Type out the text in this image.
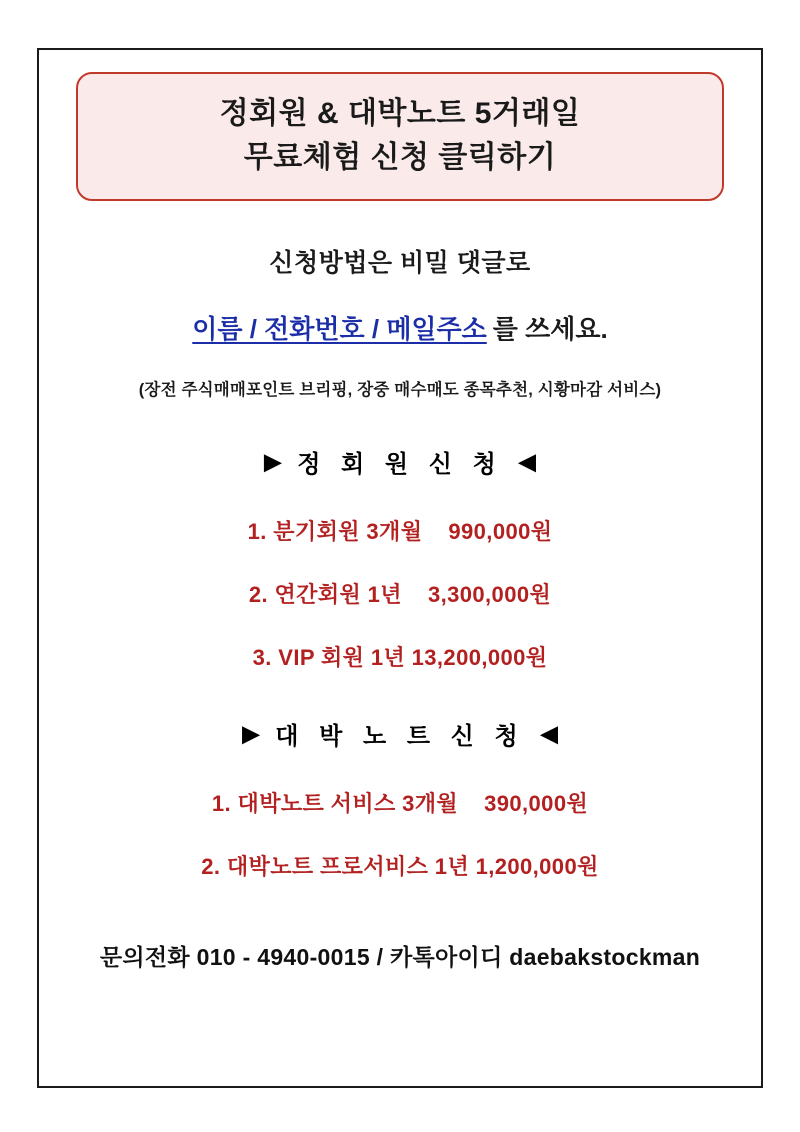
정회원 & 대박노트 5거래일
무료체험 신청 클릭하기
신청방법은 비밀 댓글로
이름 / 전화번호 / 메일주소 를 쓰세요.
(장전 주식매매포인트 브리핑, 장중 매수매도 종목추천, 시황마감 서비스)
▶ 정 회 원 신 청 ◀
1. 분기회원 3개월    990,000원
2. 연간회원 1년    3,300,000원
3. VIP 회원 1년 13,200,000원
▶ 대 박 노 트 신 청 ◀
1. 대박노트 서비스 3개월    390,000원
2. 대박노트 프로서비스 1년 1,200,000원
문의전화 010 - 4940-0015 / 카톡아이디 daebakstockman
